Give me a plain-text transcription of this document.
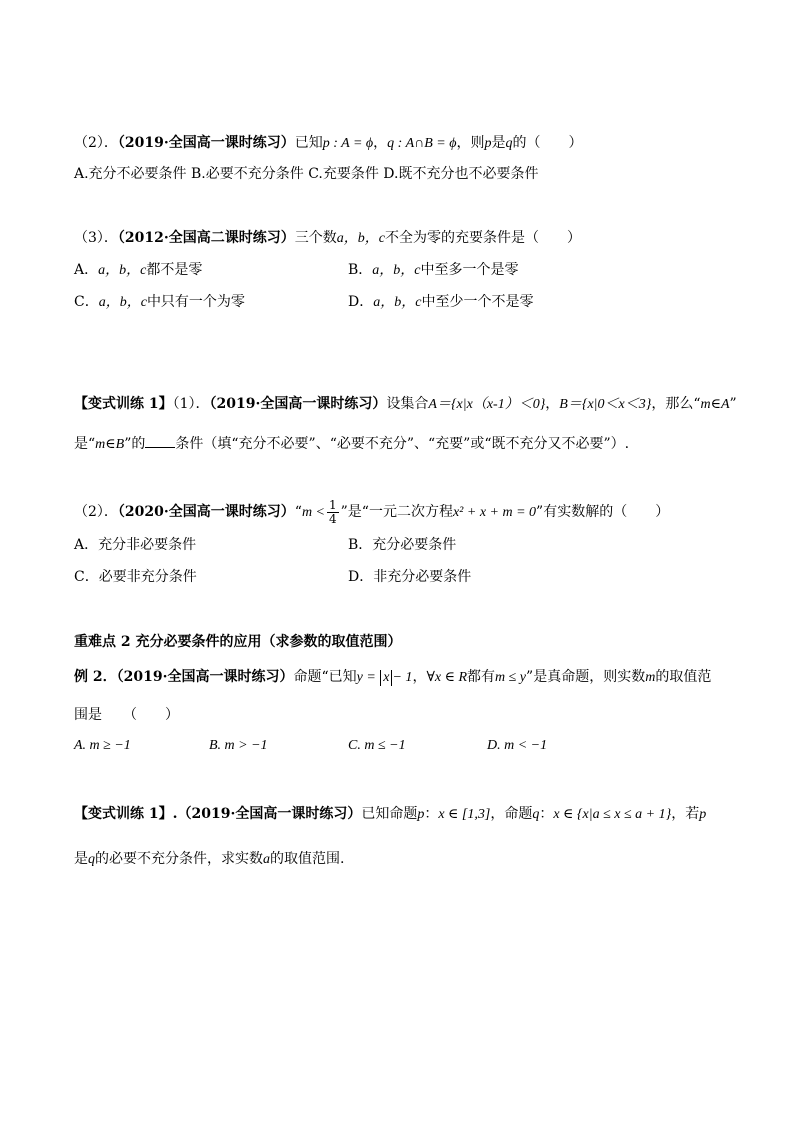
（2）．（2019·全国高一课时练习）已知p : A = ϕ，q : A∩B = ϕ，则p是q的（　　）
A.充分不必要条件 B.必要不充分条件 C.充要条件 D.既不充分也不必要条件
（3）．（2012·全国高二课时练习）三个数a，b，c不全为零的充要条件是（　　）
A．a，b，c都不是零	B．a，b，c中至多一个是零
C．a，b，c中只有一个为零	D．a，b，c中至少一个不是零
【变式训练 1】（1）．（2019·全国高一课时练习）设集合A＝{x|x（x-1）＜0}，B＝{x|0＜x＜3}，那么“m∈A”
是“m∈B”的 条件（填“充分不必要”、“必要不充分”、“充要”或“既不充分又不必要”）.
（2）．（2020·全国高一课时练习）“m < $\frac{1}{4}$ ”是“一元二次方程x² + x + m = 0”有实数解的（　　）
A．充分非必要条件	B．充分必要条件
C．必要非充分条件	D．非充分必要条件
重难点 2 充分必要条件的应用（求参数的取值范围）
例 2．（2019·全国高一课时练习）命题“已知y = x − 1，∀x ∈ R都有m ≤ y”是真命题，则实数m的取值范
围是　　（　　）
A. m ≥ −1	B. m > −1	C. m ≤ −1	D. m < −1
【变式训练 1】.（2019·全国高一课时练习）已知命题p：x ∈ [1,3]，命题q：x ∈ {x|a ≤ x ≤ a + 1}，若p
是q的必要不充分条件，求实数a的取值范围.
